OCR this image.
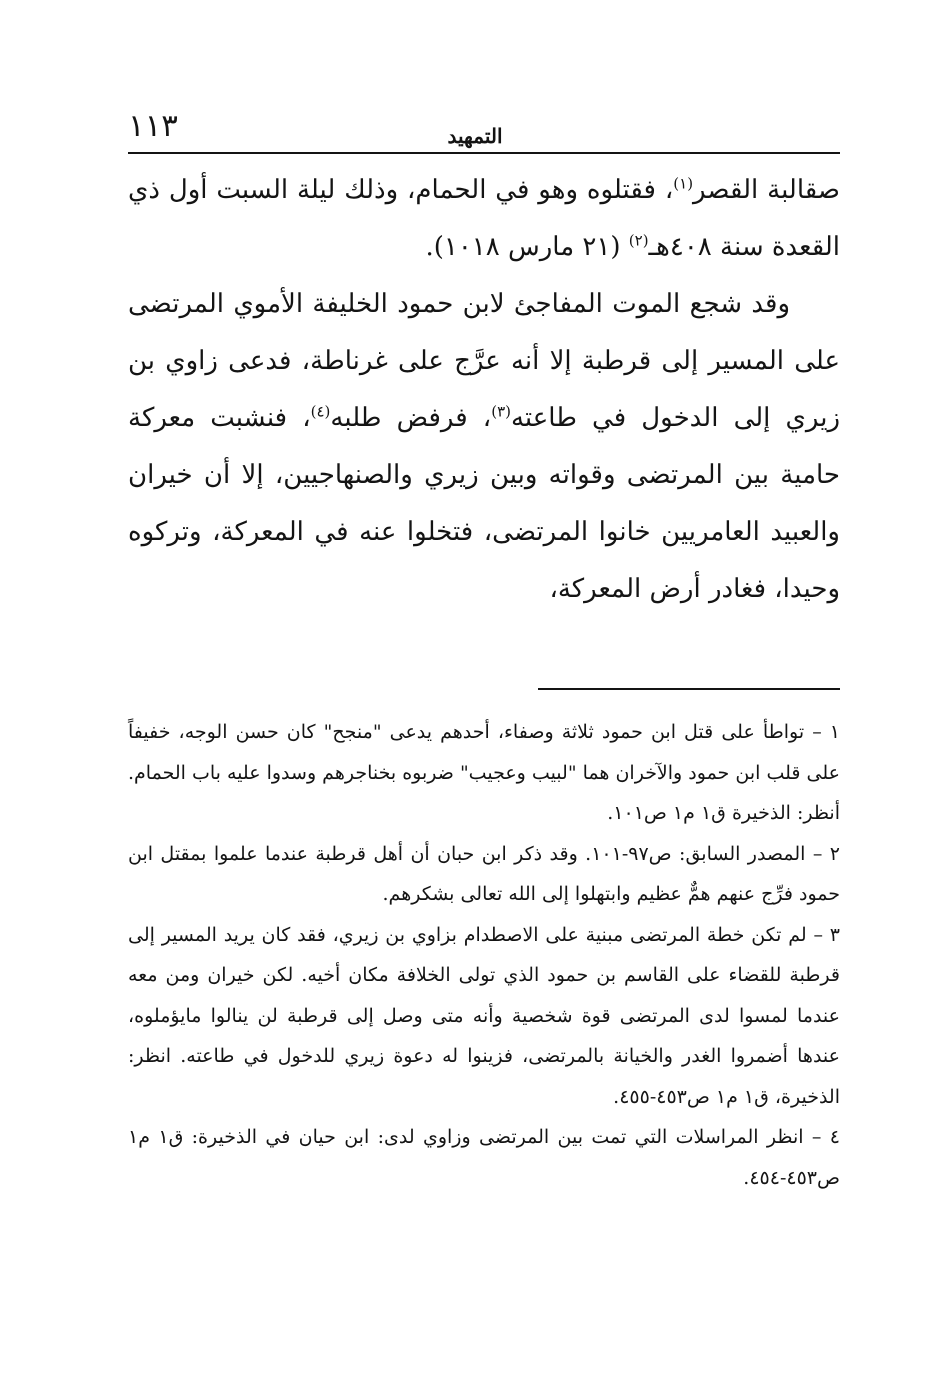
١١٣	التمهيد

صقالبة القصر$^{(١)}$، فقتلوه وهو في الحمام، وذلك ليلة السبت أول ذي القعدة سنة ٤٠٨هـ$^{(٢)}$ (٢١ مارس ١٠١٨).

وقد شجع الموت المفاجئ لابن حمود الخليفة الأموي المرتضى على المسير إلى قرطبة إلا أنه عرَّج على غرناطة، فدعى زاوي بن زيري إلى الدخول في طاعته$^{(٣)}$، فرفض طلبه$^{(٤)}$، فنشبت معركة حامية بين المرتضى وقواته وبين زيري والصنهاجيين، إلا أن خيران والعبيد العامريين خانوا المرتضى، فتخلوا عنه في المعركة، وتركوه وحيدا، فغادر أرض المعركة،

١ – تواطأ على قتل ابن حمود ثلاثة وصفاء، أحدهم يدعى "منجح" كان حسن الوجه، خفيفاً على قلب ابن حمود والآخران هما "لبيب وعجيب" ضربوه بخناجرهم وسدوا عليه باب الحمام. أنظر: الذخيرة ق١ م١ ص١٠١.

٢ – المصدر السابق: ص٩٧-١٠١. وقد ذكر ابن حبان أن أهل قرطبة عندما علموا بمقتل ابن حمود فرِّج عنهم همٌّ عظيم وابتهلوا إلى الله تعالى بشكرهم.

٣ – لم تكن خطة المرتضى مبنية على الاصطدام بزاوي بن زيري، فقد كان يريد المسير إلى قرطبة للقضاء على القاسم بن حمود الذي تولى الخلافة مكان أخيه. لكن خيران ومن معه عندما لمسوا لدى المرتضى قوة شخصية وأنه متى وصل إلى قرطبة لن ينالوا مايؤملوه، عندها أضمروا الغدر والخيانة بالمرتضى، فزينوا له دعوة زيري للدخول في طاعته. انظر: الذخيرة، ق١ م١ ص٤٥٣-٤٥٥.

٤ – انظر المراسلات التي تمت بين المرتضى وزاوي لدى: ابن حيان في الذخيرة: ق١ م١ ص٤٥٣-٤٥٤.
